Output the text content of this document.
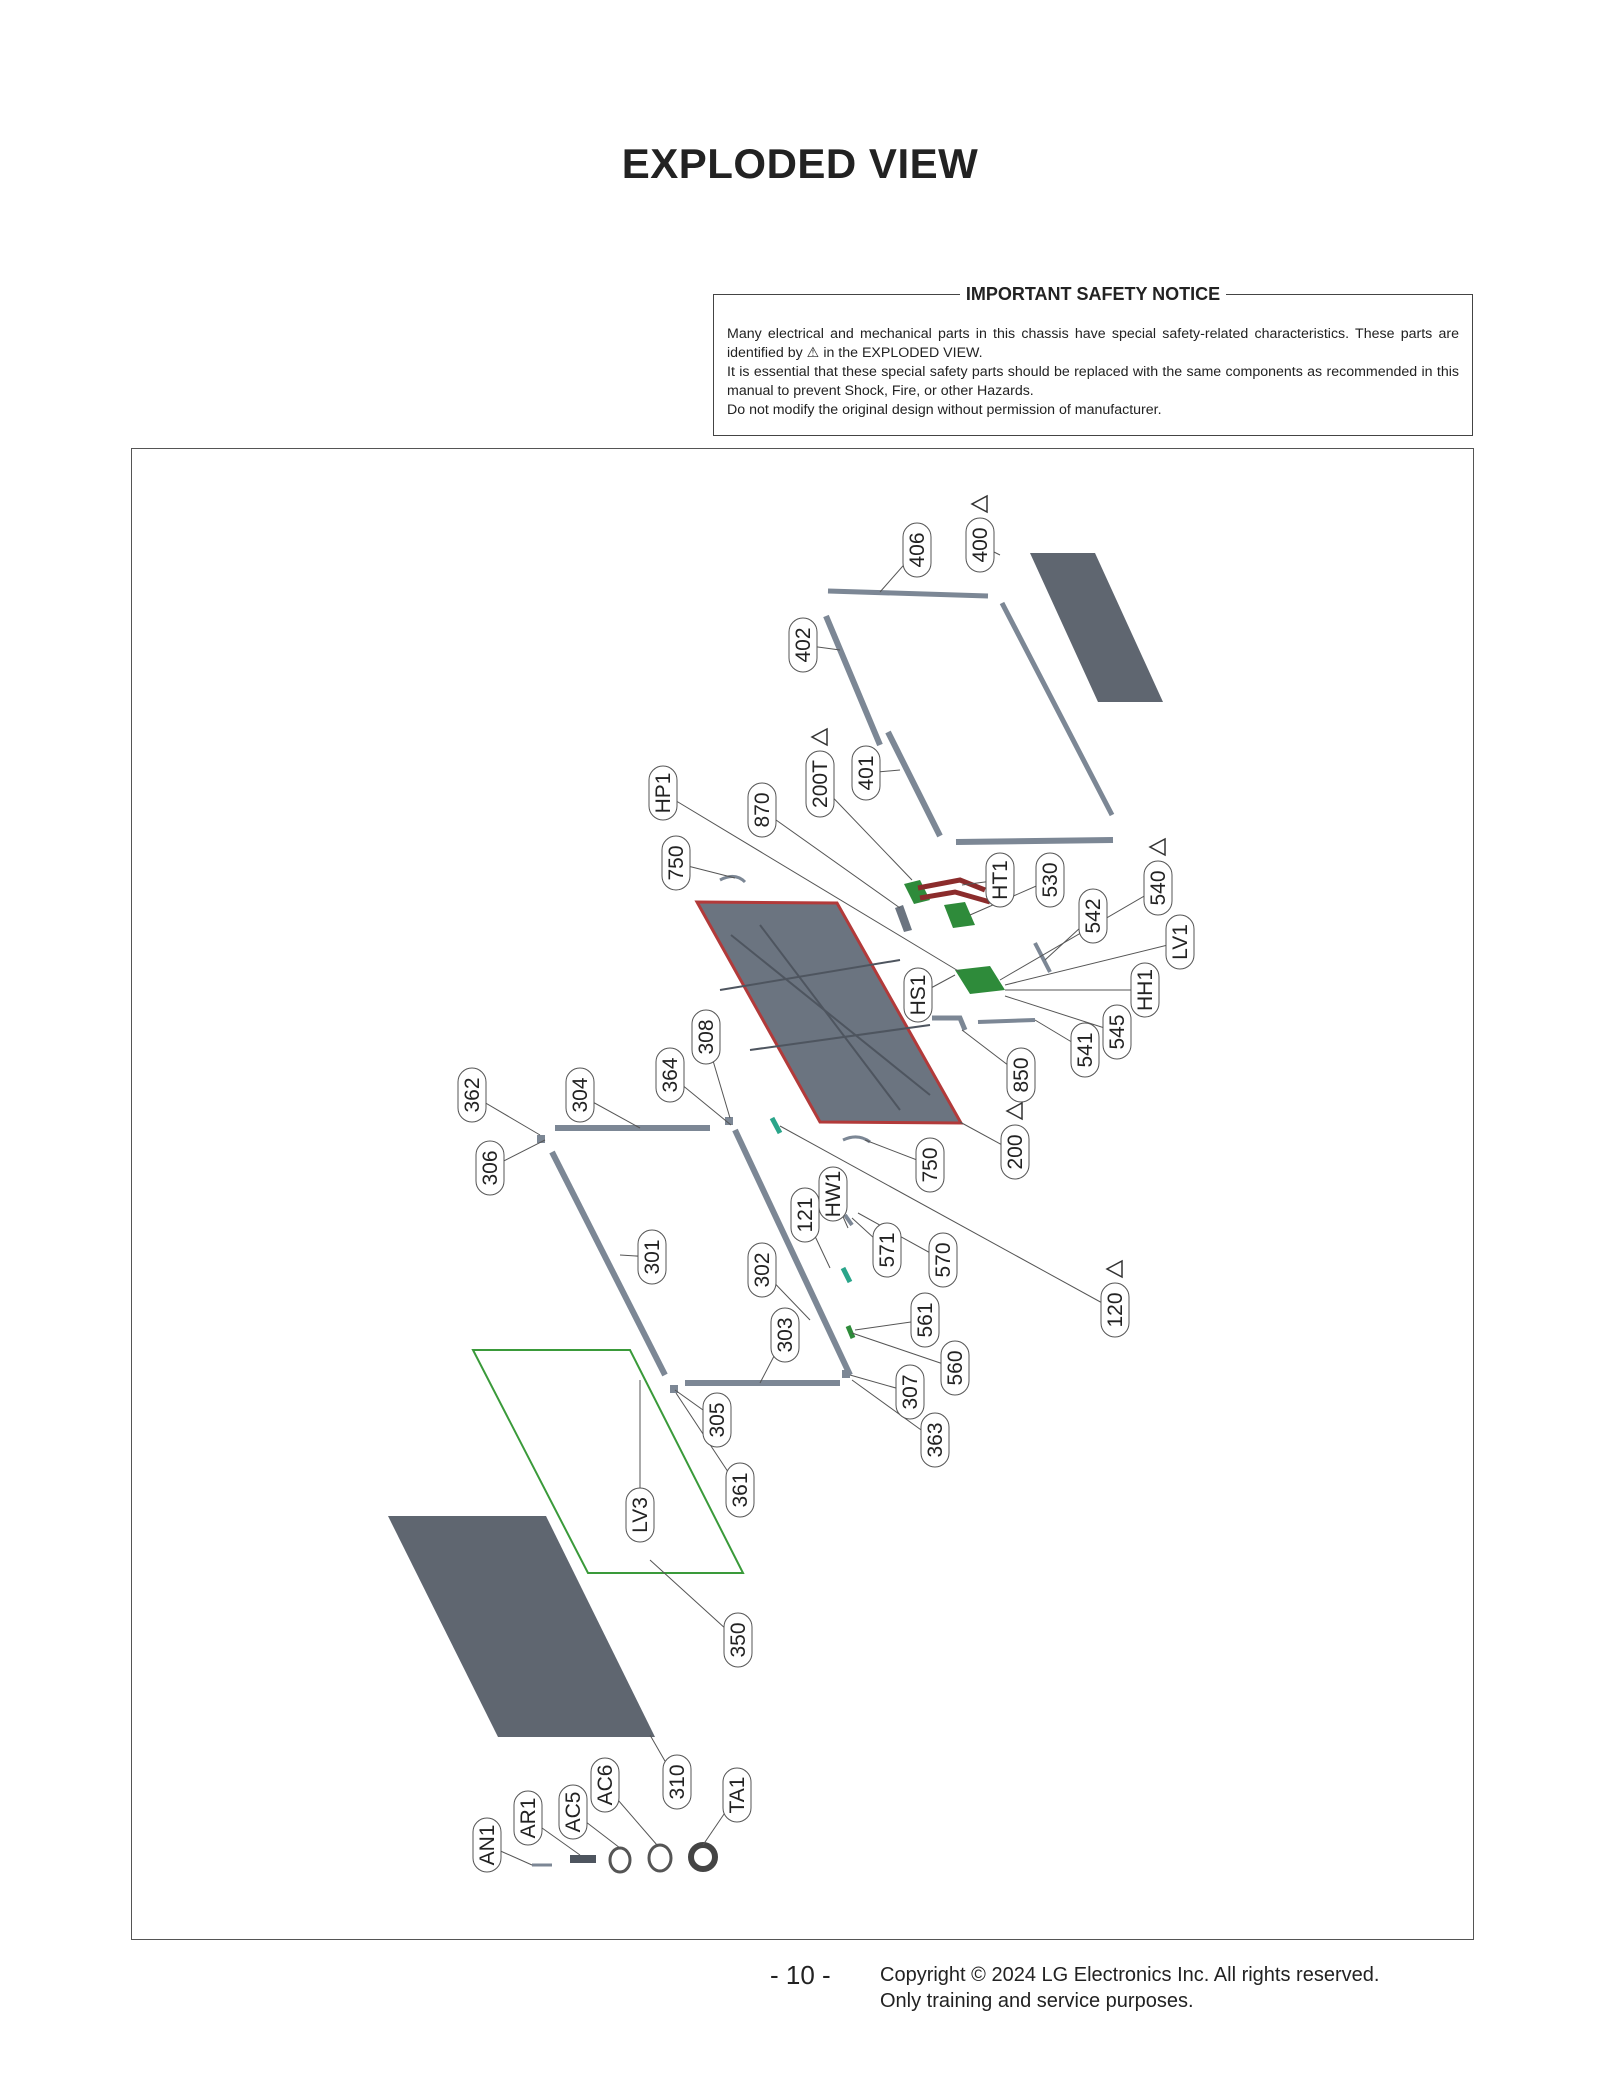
EXPLODED VIEW
IMPORTANT SAFETY NOTICE

Many electrical and mechanical parts in this chassis have special safety-related characteristics. These parts are identified by ⚠ in the EXPLODED VIEW.

It is essential that these special safety parts should be replaced with the same components as recommended in this manual to prevent Shock, Fire, or other Hazards.

Do not modify the original design without permission of manufacturer.

400
406
402
401
200T
870
HP1
750	HT1 530
542
540
LV1
HH1
545
541
850
HS1
308
364
304
362
306	200
750
HW1
121
571 570
302
301
303	561
560
120
307
363
305
361
LV3
350
310 TA1
AC6
AC5
AR1
AN1
- 10 - Copyright © 2024 LG Electronics Inc. All rights reserved.
Only training and service purposes.
